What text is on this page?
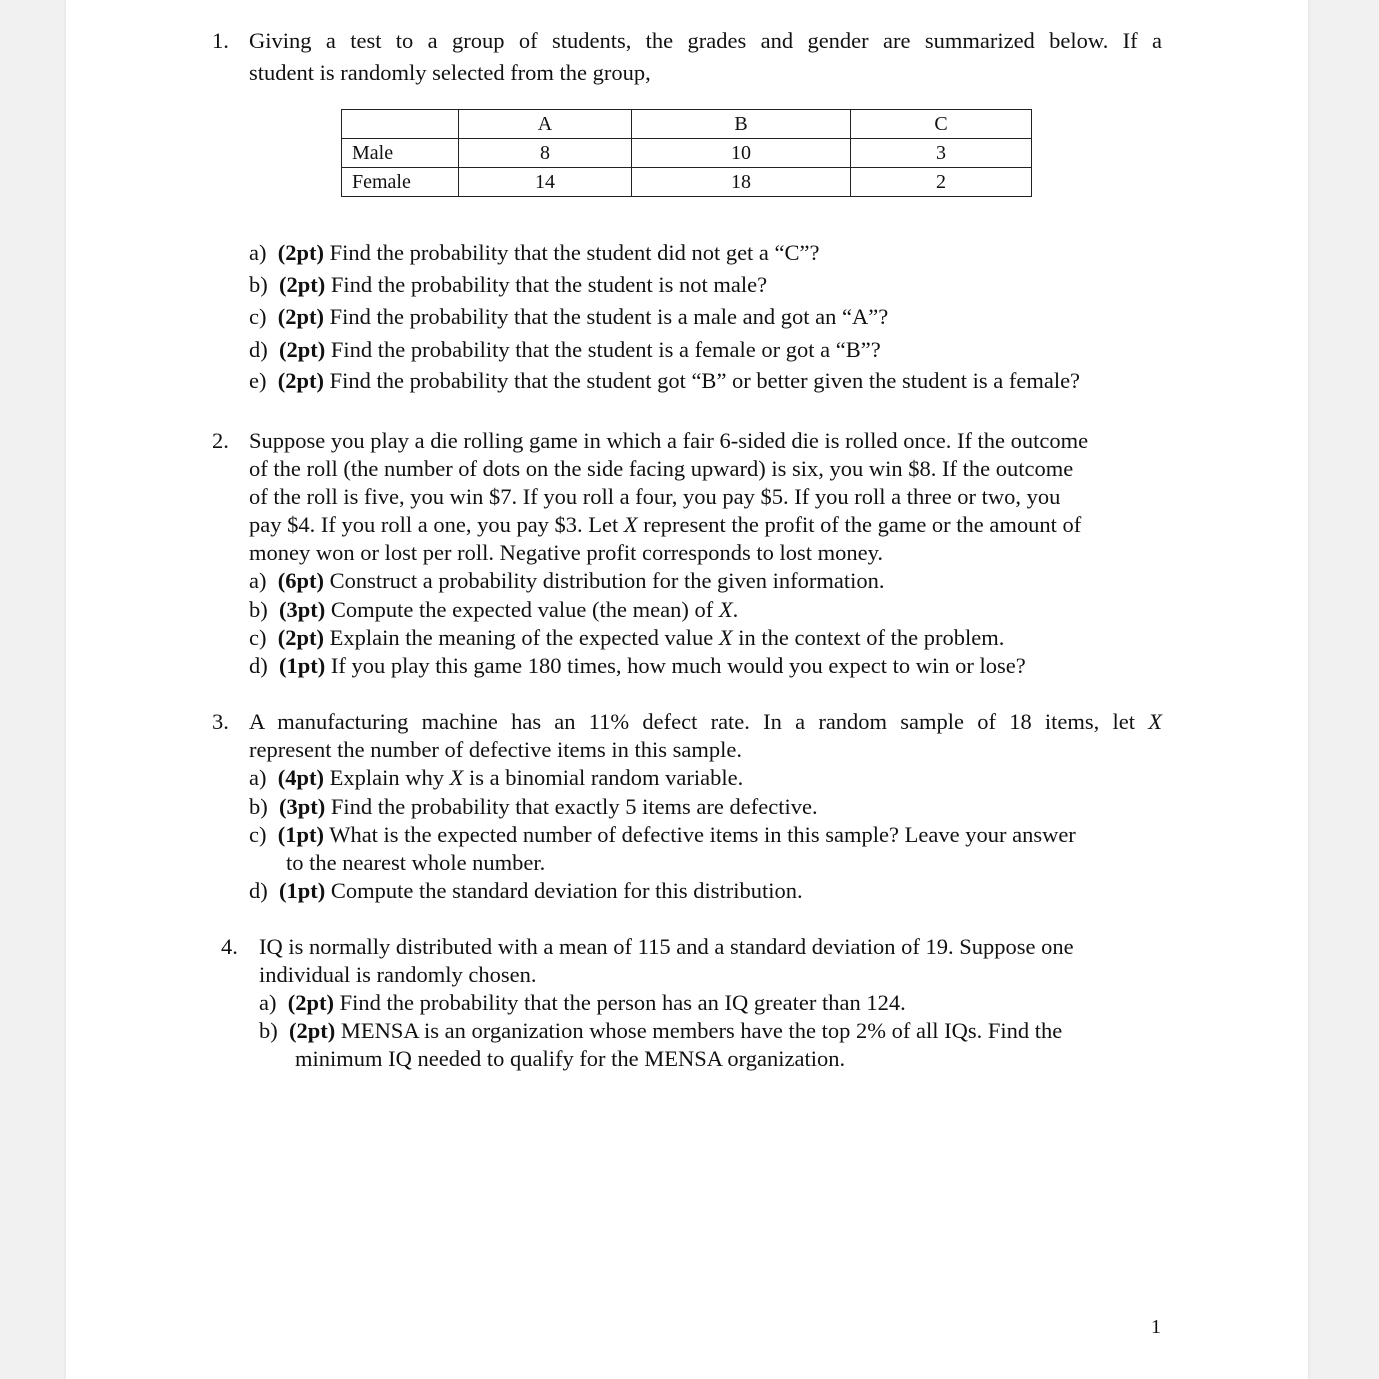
1. Giving a test to a group of students, the grades and gender are summarized below. If a
student is randomly selected from the group,
	A	B	C
Male	8	10	3
Female	14	18	2
a) (2pt) Find the probability that the student did not get a “C”?
b) (2pt) Find the probability that the student is not male?
c) (2pt) Find the probability that the student is a male and got an “A”?
d) (2pt) Find the probability that the student is a female or got a “B”?
e) (2pt) Find the probability that the student got “B” or better given the student is a female?
2. Suppose you play a die rolling game in which a fair 6-sided die is rolled once. If the outcome
of the roll (the number of dots on the side facing upward) is six, you win $8. If the outcome
of the roll is five, you win $7. If you roll a four, you pay $5. If you roll a three or two, you
pay $4. If you roll a one, you pay $3. Let X represent the profit of the game or the amount of
money won or lost per roll. Negative profit corresponds to lost money.
a) (6pt) Construct a probability distribution for the given information.
b) (3pt) Compute the expected value (the mean) of X.
c) (2pt) Explain the meaning of the expected value X in the context of the problem.
d) (1pt) If you play this game 180 times, how much would you expect to win or lose?
3. A manufacturing machine has an 11% defect rate. In a random sample of 18 items, let X
represent the number of defective items in this sample.
a) (4pt) Explain why X is a binomial random variable.
b) (3pt) Find the probability that exactly 5 items are defective.
c) (1pt) What is the expected number of defective items in this sample? Leave your answer
to the nearest whole number.
d) (1pt) Compute the standard deviation for this distribution.
4. IQ is normally distributed with a mean of 115 and a standard deviation of 19. Suppose one
individual is randomly chosen.
a) (2pt) Find the probability that the person has an IQ greater than 124.
b) (2pt) MENSA is an organization whose members have the top 2% of all IQs. Find the
minimum IQ needed to qualify for the MENSA organization.
1
